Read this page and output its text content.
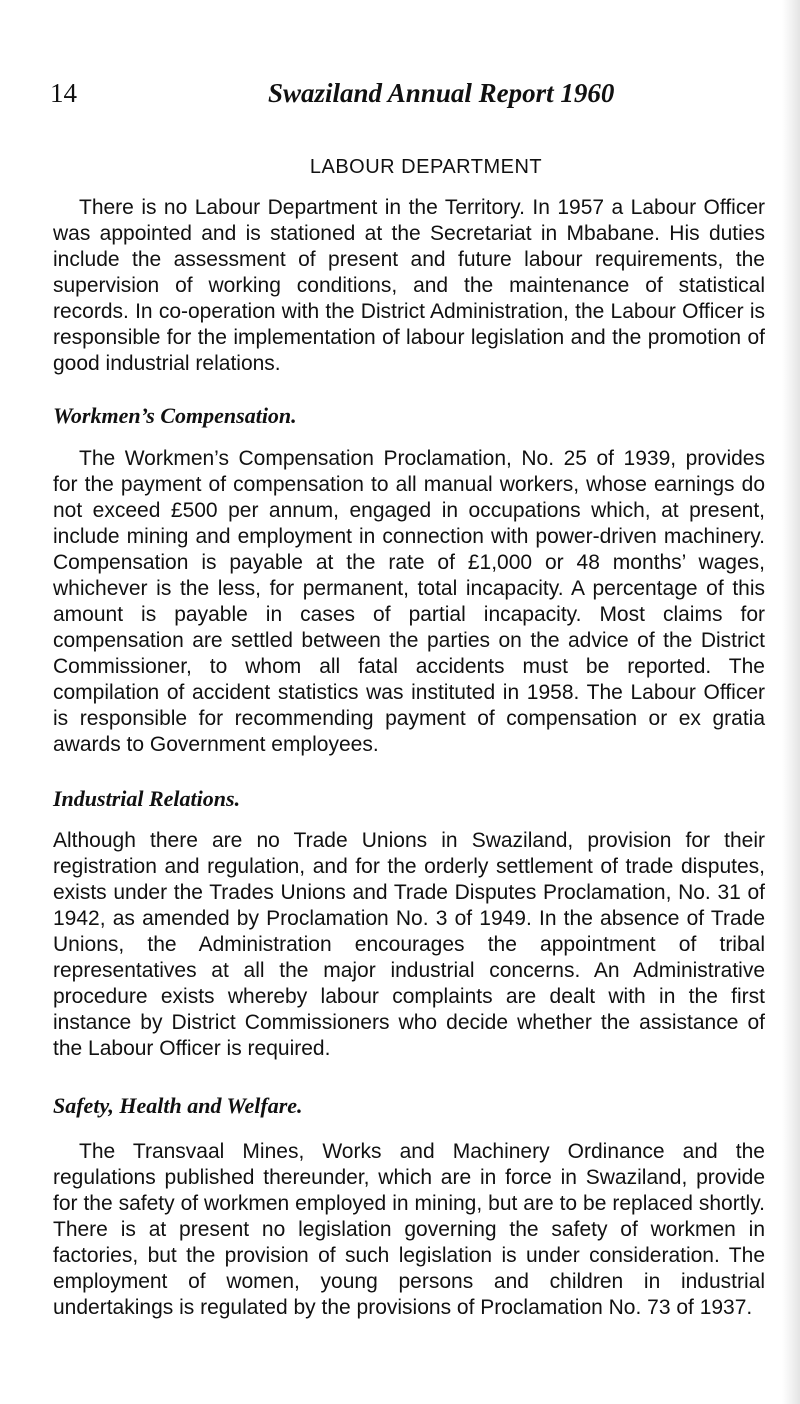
14	Swaziland Annual Report 1960
LABOUR DEPARTMENT

There is no Labour Department in the Territory. In 1957 a Labour Officer was appointed and is stationed at the Secretariat in Mbabane. His duties include the assessment of present and future labour requirements, the supervision of working conditions, and the maintenance of statistical records. In co-operation with the District Administration, the Labour Officer is responsible for the implementation of labour legislation and the promotion of good industrial relations.

Workmen’s Compensation.

The Workmen’s Compensation Proclamation, No. 25 of 1939, provides for the payment of compensation to all manual workers, whose earnings do not exceed £500 per annum, engaged in occupations which, at present, include mining and employment in connection with power-driven machinery. Compensation is payable at the rate of £1,000 or 48 months’ wages, whichever is the less, for permanent, total incapacity. A percentage of this amount is payable in cases of partial incapacity. Most claims for compensation are settled between the parties on the advice of the District Commissioner, to whom all fatal accidents must be reported. The compilation of accident statistics was instituted in 1958. The Labour Officer is responsible for recommending payment of compensation or ex gratia awards to Government employees.

Industrial Relations.

Although there are no Trade Unions in Swaziland, provision for their registration and regulation, and for the orderly settlement of trade disputes, exists under the Trades Unions and Trade Disputes Proclamation, No. 31 of 1942, as amended by Proclamation No. 3 of 1949. In the absence of Trade Unions, the Administration encourages the appointment of tribal representatives at all the major industrial concerns. An Administrative procedure exists whereby labour complaints are dealt with in the first instance by District Commissioners who decide whether the assistance of the Labour Officer is required.

Safety, Health and Welfare.

The Transvaal Mines, Works and Machinery Ordinance and the regulations published thereunder, which are in force in Swaziland, provide for the safety of workmen employed in mining, but are to be replaced shortly. There is at present no legislation governing the safety of workmen in factories, but the provision of such legislation is under consideration. The employment of women, young persons and children in industrial undertakings is regulated by the provisions of Proclamation No. 73 of 1937.
